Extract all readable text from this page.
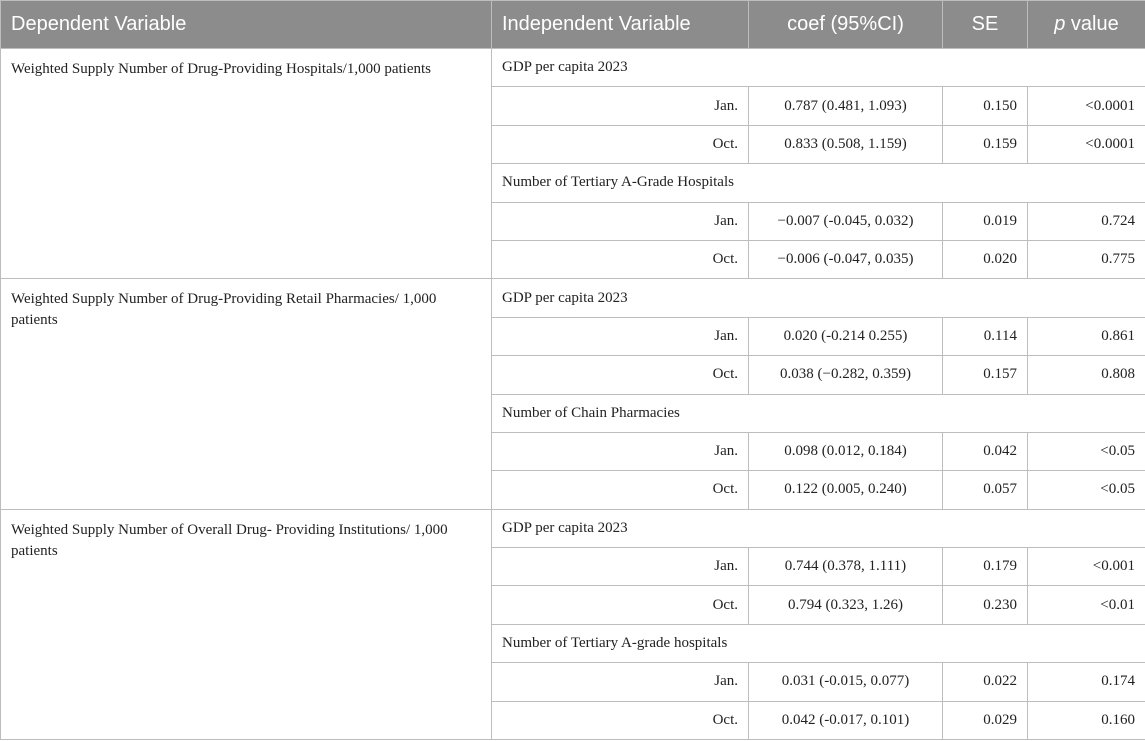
Dependent Variable	Independent Variable	coef (95%CI)	SE	p value
Weighted Supply Number of Drug-Providing Hospitals/1,000 patients	GDP per capita 2023			
	Jan.	0.787 (0.481, 1.093)	0.150	<0.0001
	Oct.	0.833 (0.508, 1.159)	0.159	<0.0001
	Number of Tertiary A-Grade Hospitals			
	Jan.	−0.007 (-0.045, 0.032)	0.019	0.724
	Oct.	−0.006 (-0.047, 0.035)	0.020	0.775
Weighted Supply Number of Drug-Providing Retail Pharmacies/ 1,000 patients	GDP per capita 2023			
	Jan.	0.020 (-0.214 0.255)	0.114	0.861
	Oct.	0.038 (−0.282, 0.359)	0.157	0.808
	Number of Chain Pharmacies			
	Jan.	0.098 (0.012, 0.184)	0.042	<0.05
	Oct.	0.122 (0.005, 0.240)	0.057	<0.05
Weighted Supply Number of Overall Drug- Providing Institutions/ 1,000 patients	GDP per capita 2023			
	Jan.	0.744 (0.378, 1.111)	0.179	<0.001
	Oct.	0.794 (0.323, 1.26)	0.230	<0.01
	Number of Tertiary A-grade hospitals			
	Jan.	0.031 (-0.015, 0.077)	0.022	0.174
	Oct.	0.042 (-0.017, 0.101)	0.029	0.160
